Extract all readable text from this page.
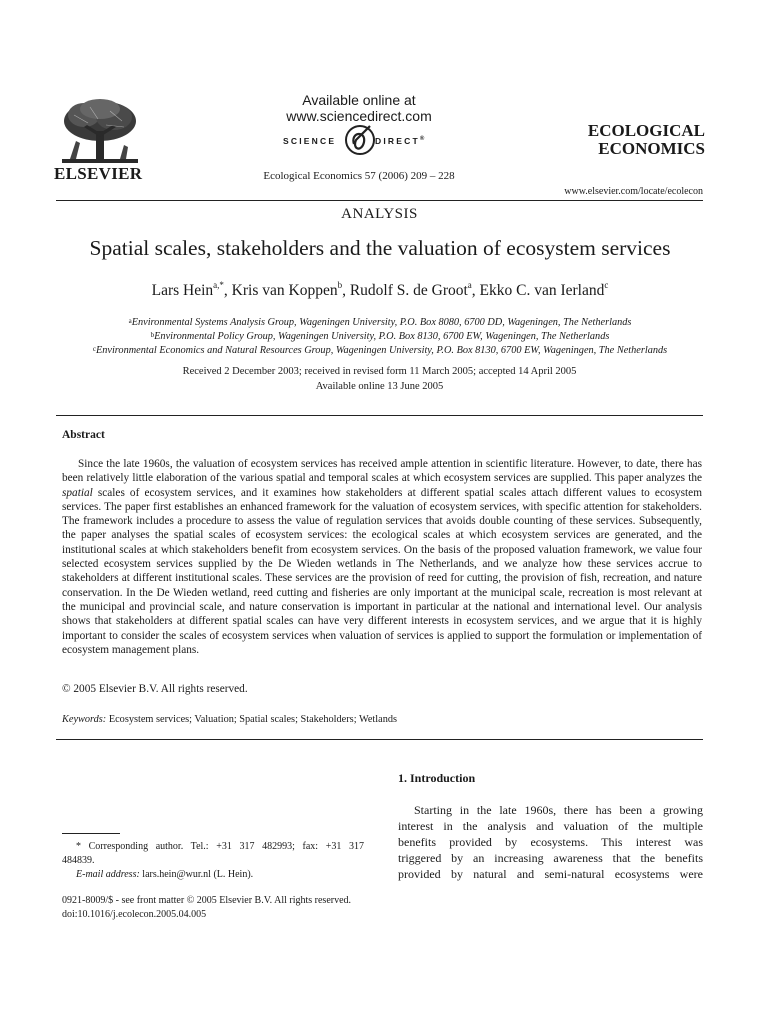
ELSEVIER
Available online at www.sciencedirect.com
SCIENCE	DIRECT®
Ecological Economics 57 (2006) 209 – 228
ECOLOGICAL
ECONOMICS
www.elsevier.com/locate/ecolecon
ANALYSIS
Spatial scales, stakeholders and the valuation of ecosystem services
Lars Hein$^{a,*}$, Kris van Koppen$^b$, Rudolf S. de Groot$^a$, Ekko C. van Ierland$^c$
$^a$Environmental Systems Analysis Group, Wageningen University, P.O. Box 8080, 6700 DD, Wageningen, The Netherlands
$^b$Environmental Policy Group, Wageningen University, P.O. Box 8130, 6700 EW, Wageningen, The Netherlands
$^c$Environmental Economics and Natural Resources Group, Wageningen University, P.O. Box 8130, 6700 EW, Wageningen, The Netherlands
Received 2 December 2003; received in revised form 11 March 2005; accepted 14 April 2005
Available online 13 June 2005
Abstract

Since the late 1960s, the valuation of ecosystem services has received ample attention in scientific literature. However, to date, there has been relatively little elaboration of the various spatial and temporal scales at which ecosystem services are supplied. This paper analyzes the spatial scales of ecosystem services, and it examines how stakeholders at different spatial scales attach different values to ecosystem services. The paper first establishes an enhanced framework for the valuation of ecosystem services, with specific attention for stakeholders. The framework includes a procedure to assess the value of regulation services that avoids double counting of these services. Subsequently, the paper analyses the spatial scales of ecosystem services: the ecological scales at which ecosystem services are generated, and the institutional scales at which stakeholders benefit from ecosystem services. On the basis of the proposed valuation framework, we value four selected ecosystem services supplied by the De Wieden wetlands in The Netherlands, and we analyze how these services accrue to stakeholders at different institutional scales. These services are the provision of reed for cutting, the provision of fish, recreation, and nature conservation. In the De Wieden wetland, reed cutting and fisheries are only important at the municipal scale, recreation is most relevant at the municipal and provincial scale, and nature conservation is important in particular at the national and international level. Our analysis shows that stakeholders at different spatial scales can have very different interests in ecosystem services, and we argue that it is highly important to consider the scales of ecosystem services when valuation of services is applied to support the formulation or implementation of ecosystem management plans.

© 2005 Elsevier B.V. All rights reserved.
Keywords: Ecosystem services; Valuation; Spatial scales; Stakeholders; Wetlands
1. Introduction
Starting in the late 1960s, there has been a growing
interest in the analysis and valuation of the multiple
benefits provided by ecosystems. This interest was
triggered by an increasing awareness that the benefits
provided by natural and semi-natural ecosystems were
* Corresponding author. Tel.: +31 317 482993; fax: +31 317
484839.
E-mail address: lars.hein@wur.nl (L. Hein).
0921-8009/$ - see front matter © 2005 Elsevier B.V. All rights reserved.
doi:10.1016/j.ecolecon.2005.04.005
